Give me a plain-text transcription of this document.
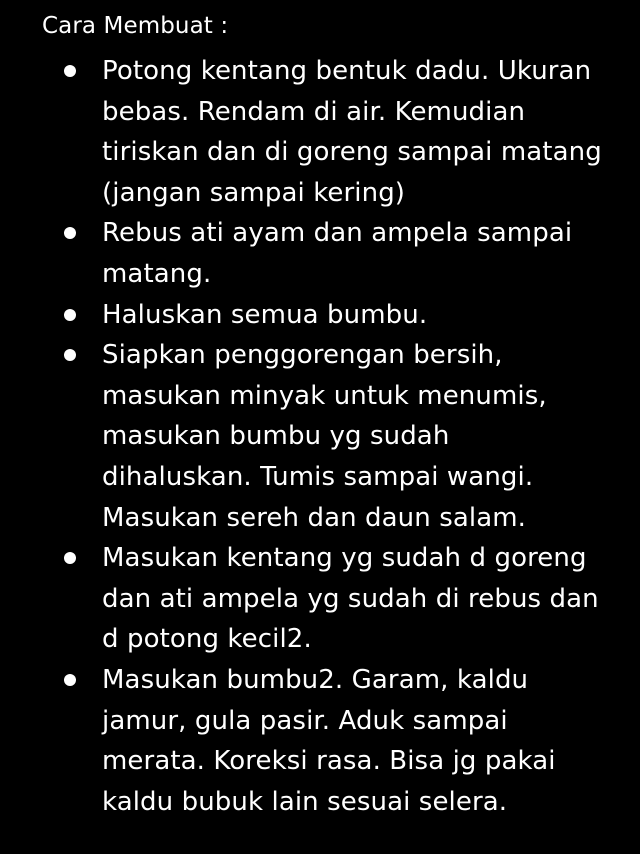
Cara Membuat :
Potong kentang bentuk dadu. Ukuran
bebas. Rendam di air. Kemudian
tiriskan dan di goreng sampai matang
(jangan sampai kering)
Rebus ati ayam dan ampela sampai
matang.
Haluskan semua bumbu.
Siapkan penggorengan bersih,
masukan minyak untuk menumis,
masukan bumbu yg sudah
dihaluskan. Tumis sampai wangi.
Masukan sereh dan daun salam.
Masukan kentang yg sudah d goreng
dan ati ampela yg sudah di rebus dan
d potong kecil2.
Masukan bumbu2. Garam, kaldu
jamur, gula pasir. Aduk sampai
merata. Koreksi rasa. Bisa jg pakai
kaldu bubuk lain sesuai selera.
